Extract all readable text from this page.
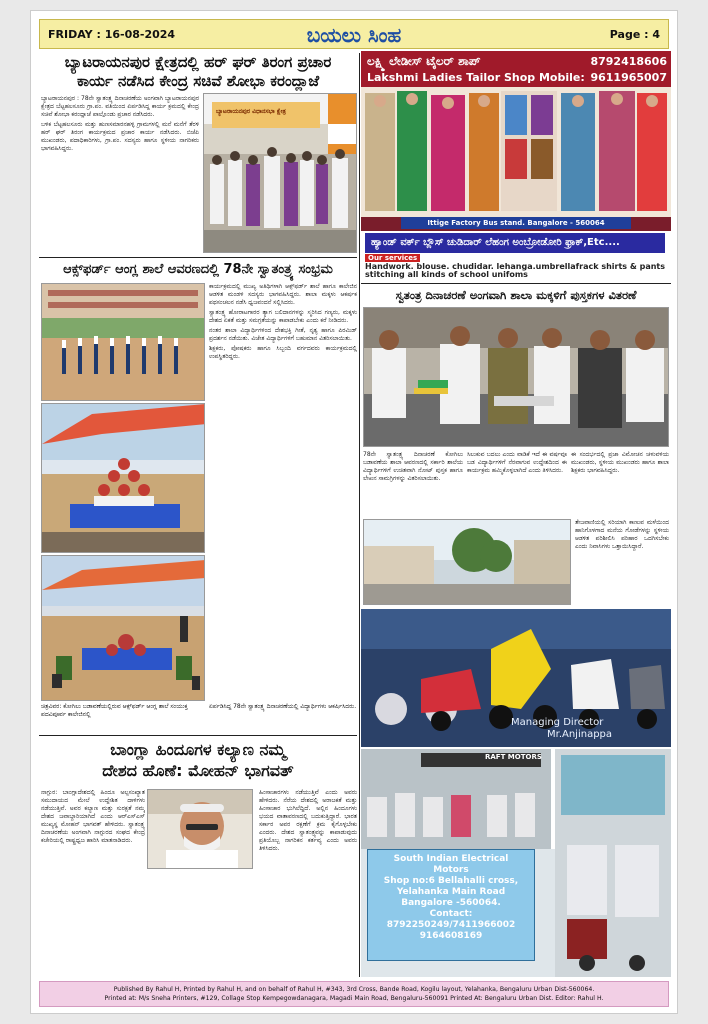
FRIDAY : 16-08-2024	ಬಯಲು ಸಿಂಹ	Page : 4
ಬ್ಯಾಟರಾಯನಪುರ ಕ್ಷೇತ್ರದಲ್ಲಿ ಹರ್ ಘರ್ ತಿರಂಗ ಪ್ರಚಾರ
ಕಾರ್ಯ ನಡೆಸಿದ ಕೇಂದ್ರ ಸಚಿವೆ ಶೋಭಾ ಕರಂದ್ಲಾಜೆ
ಬ್ಯಾಟರಾಯನಪುರ : 78ನೇ ಸ್ವಾತಂತ್ರ್ಯ ದಿನಾಚರಣೆಯ ಅಂಗವಾಗಿ ಬ್ಯಾಟರಾಯನಪುರ ಕ್ಷೇತ್ರದ ಬೆಟ್ಟಹಲಸೂರು ಗ್ರಾ.ಪಂ. ವತಿಯಿಂದ ಏರ್ಪಡಿಸಿದ್ದ ಕಾರ್ಯ ಕ್ರಮದಲ್ಲಿ ಕೇಂದ್ರ ಸಚಿವೆ ಶೋಭಾ ಕರಂದ್ಲಾಜೆ ಪಾಲ್ಗೊಂಡು ಪ್ರಚಾರ ನಡೆಸಿದರು.
ಬಳಿಕ ಬೆಟ್ಟಹಲಸೂರು ಮತ್ತು ಹುಣಸಮಾರನಹಳ್ಳಿ ಗ್ರಾಮಗಳಲ್ಲಿ ಮನೆ ಮನೆಗೆ ತೆರಳಿ ಹರ್ ಘರ್ ತಿರಂಗ ಕಾರ್ಯಕ್ರಮದ ಪ್ರಚಾರ ಕಾರ್ಯ ನಡೆಸಿದರು. ಬಿಜೆಪಿ ಮುಖಂಡರು, ಪದಾಧಿಕಾರಿಗಳು, ಗ್ರಾ.ಪಂ. ಸದಸ್ಯರು ಹಾಗೂ ಸ್ಥಳೀಯ ನಾಗರಿಕರು ಭಾಗವಹಿಸಿದ್ದರು.
ಬ್ಯಾಟರಾಯನಪುರ ವಿಧಾನಸಭಾ ಕ್ಷೇತ್ರ
ಆಕ್ಸ್‌ಫರ್ಡ್ ಆಂಗ್ಲ ಶಾಲೆ ಆವರಣದಲ್ಲಿ 78ನೇ ಸ್ವಾತಂತ್ರ್ಯ ಸಂಭ್ರಮ
ಕಾರ್ಯಕ್ರಮದಲ್ಲಿ ಮುಖ್ಯ ಅತಿಥಿಗಳಾಗಿ ಆಕ್ಸ್‌ಫರ್ಡ್ ಶಾಲೆ ಹಾಗೂ ಕಾಲೇಜಿನ ಆಡಳಿತ ಮಂಡಳಿ ಸದಸ್ಯರು ಭಾಗವಹಿಸಿದ್ದರು. ಶಾಲಾ ಮಕ್ಕಳು ಆಕರ್ಷಕ ಪಥಸಂಚಲನ ನಡೆಸಿ ಧ್ವಜವಂದನೆ ಸಲ್ಲಿಸಿದರು.
ಸ್ವಾತಂತ್ರ್ಯ ಹೋರಾಟಗಾರರ ತ್ಯಾಗ ಬಲಿದಾನಗಳನ್ನು ಸ್ಮರಿಸಿದ ಗಣ್ಯರು, ಮಕ್ಕಳು ದೇಶದ ಏಕತೆ ಮತ್ತು ಸಮಗ್ರತೆಯನ್ನು ಕಾಪಾಡಬೇಕು ಎಂದು ಕರೆ ನೀಡಿದರು.
ನಂತರ ಶಾಲಾ ವಿದ್ಯಾರ್ಥಿಗಳಿಂದ ದೇಶಭಕ್ತಿ ಗೀತೆ, ನೃತ್ಯ ಹಾಗೂ ಪಿರಮಿಡ್ ಪ್ರದರ್ಶನ ನಡೆಯಿತು. ವಿಜೇತ ವಿದ್ಯಾರ್ಥಿಗಳಿಗೆ ಬಹುಮಾನ ವಿತರಿಸಲಾಯಿತು.
ಶಿಕ್ಷಕರು, ಪೋಷಕರು ಹಾಗೂ ಸಿಬ್ಬಂದಿ ವರ್ಗದವರು ಕಾರ್ಯಕ್ರಮದಲ್ಲಿ ಉಪಸ್ಥಿತರಿದ್ದರು.
ಚಿತ್ರವಿವರ: ಕೋಗಿಲು ಬಡಾವಣೆಯಲ್ಲಿರುವ ಆಕ್ಸ್‌ಫರ್ಡ್ ಆಂಗ್ಲ ಶಾಲೆ ಸಂಯುಕ್ತ ಪದವಿಪೂರ್ವ ಕಾಲೇಜಿನಲ್ಲಿ
ಏರ್ಪಡಿಸಿದ್ದ 78ನೇ ಸ್ವಾತಂತ್ರ್ಯ ದಿನಾಚರಣೆಯಲ್ಲಿ ವಿದ್ಯಾರ್ಥಿಗಳು ಆಕರ್ಷಿಸಿದರು.
ಬಾಂಗ್ಲಾ ಹಿಂದೂಗಳ ಕಲ್ಯಾಣ ನಮ್ಮ
ದೇಶದ ಹೊಣೆ: ಮೋಹನ್ ಭಾಗವತ್
ನಾಗ್ಪುರ: ಬಾಂಗ್ಲಾದೇಶದಲ್ಲಿ ಹಿಂದೂ ಅಲ್ಪಸಂಖ್ಯಾತ ಸಮುದಾಯದ ಮೇಲೆ ಉದ್ದೇಶಿತ ದಾಳಿಗಳು ನಡೆಯುತ್ತಿವೆ. ಅವರ ಕಲ್ಯಾಣ ಮತ್ತು ಸುರಕ್ಷತೆ ನಮ್ಮ ದೇಶದ ಜವಾಬ್ದಾರಿಯಾಗಿದೆ ಎಂದು ಆರ್‌ಎಸ್‌ಎಸ್ ಮುಖ್ಯಸ್ಥ ಮೋಹನ್ ಭಾಗವತ್ ಹೇಳಿದರು. ಸ್ವಾತಂತ್ರ್ಯ ದಿನಾಚರಣೆಯ ಅಂಗವಾಗಿ ನಾಗ್ಪುರದ ಸಂಘದ ಕೇಂದ್ರ ಕಚೇರಿಯಲ್ಲಿ ರಾಷ್ಟ್ರಧ್ವಜ ಹಾರಿಸಿ ಮಾತನಾಡಿದರು.
ಹಿಂಸಾಚಾರಗಳು ನಡೆಯುತ್ತಿವೆ ಎಂದು ಅವರು ಹೇಳಿದರು. ನೆರೆಯ ದೇಶದಲ್ಲಿ ಅರಾಜಕತೆ ಮತ್ತು ಹಿಂಸಾಚಾರ ಭುಗಿಲೆದ್ದಿದೆ. ಅಲ್ಲಿನ ಹಿಂದೂಗಳು ಭಯದ ವಾತಾವರಣದಲ್ಲಿ ಬದುಕುತ್ತಿದ್ದಾರೆ. ಭಾರತ ಸರ್ಕಾರ ಅವರ ರಕ್ಷಣೆಗೆ ಕ್ರಮ ಕೈಗೊಳ್ಳಬೇಕು ಎಂದರು. ದೇಶದ ಸ್ವಾತಂತ್ರ್ಯವನ್ನು ಕಾಪಾಡುವುದು ಪ್ರತಿಯೊಬ್ಬ ನಾಗರಿಕನ ಕರ್ತವ್ಯ ಎಂದು ಅವರು ತಿಳಿಸಿದರು.
ಲಕ್ಷ್ಮಿ ಲೇಡೀಸ್ ಟೈಲರ್ ಶಾಪ್
Lakshmi Ladies Tailor Shop Mobile:
8792418606
9611965007
Ittige Factory Bus stand. Bangalore - 560064
ಹ್ಯಾಂಡ್ ವರ್ಕ್ ಬ್ಲೌಸ್ ಚುಡಿದಾರ್ ಲೆಹಂಗ ಅಂಬ್ರೋಡೋರಿ ಫ್ರಾಕ್,Etc....
Our services
Handwork. blouse. chudidar. lehanga.umbrellafrack shirts & pants stitching all kinds of school unifoms
ಸ್ವತಂತ್ರ ದಿನಾಚರಣೆ ಅಂಗವಾಗಿ ಶಾಲಾ ಮಕ್ಕಳಿಗೆ ಪುಸ್ತಕಗಳ ವಿತರಣೆ
78ನೇ ಸ್ವಾತಂತ್ರ್ಯ ದಿನಾಚರಣೆ ಕೋಗಿಲು ಬಡಾವಣೆಯ ಶಾಲಾ ಆವರಣದಲ್ಲಿ ಸರ್ಕಾರಿ ಶಾಲೆಯ ವಿದ್ಯಾರ್ಥಿಗಳಿಗೆ ಉಚಿತವಾಗಿ ನೋಟ್ ಪುಸ್ತಕ ಹಾಗೂ ಲೇಖನ ಸಾಮಗ್ರಿಗಳನ್ನು ವಿತರಿಸಲಾಯಿತು.
ಸಿಲುಕುವ ಬದಲು ಎಂದು ವಾಡಿಕೆ ಇದೆ ಈ ವರ್ಷವೂ ಬಡ ವಿದ್ಯಾರ್ಥಿಗಳಿಗೆ ನೆರವಾಗುವ ಉದ್ದೇಶದಿಂದ ಈ ಕಾರ್ಯಕ್ರಮ ಹಮ್ಮಿಕೊಳ್ಳಲಾಗಿದೆ ಎಂದು ತಿಳಿಸಿದರು.
ಈ ಸಂದರ್ಭದಲ್ಲಿ ಪ್ರಜಾ ವಿಮೋಚನ ಚಳುವಳಿಯ ಮುಖಂಡರು, ಸ್ಥಳೀಯ ಮುಖಂಡರು ಹಾಗೂ ಶಾಲಾ ಶಿಕ್ಷಕರು ಭಾಗವಹಿಸಿದ್ದರು.
ತೇಜವಾಣಿಯಲ್ಲಿ ಸರಿಯಾಗಿ ಕಾಣುವ ಮಳೆಯಿಂದ ಹಾನಿಗೊಳಗಾದ ಮನೆಯ ಗೋಡೆಗಳನ್ನು ಸ್ಥಳೀಯ ಆಡಳಿತ ಪರಿಶೀಲಿಸಿ ಪರಿಹಾರ ಒದಗಿಸಬೇಕು ಎಂದು ನಿವಾಸಿಗಳು ಒತ್ತಾಯಿಸಿದ್ದಾರೆ.
Managing Director
Mr.Anjinappa
RAFT MOTORS
South Indian Electrical
Motors
Shop no:6 Bellahalli cross,
Yelahanka Main Road
Bangalore -560064.
Contact:
8792250249/7411966002
9164608169
Published By Rahul H, Printed by Rahul H, and on behalf of Rahul H, #343, 3rd Cross, Bande Road, Kogilu layout, Yelahanka, Bengaluru Urban Dist-560064.
Printed at: M/s Sneha Printers, #129, Collage Stop Kempegowdanagara, Magadi Main Road, Bengaluru-560091 Printed At: Bengaluru Urban Dist. Editor: Rahul H.
